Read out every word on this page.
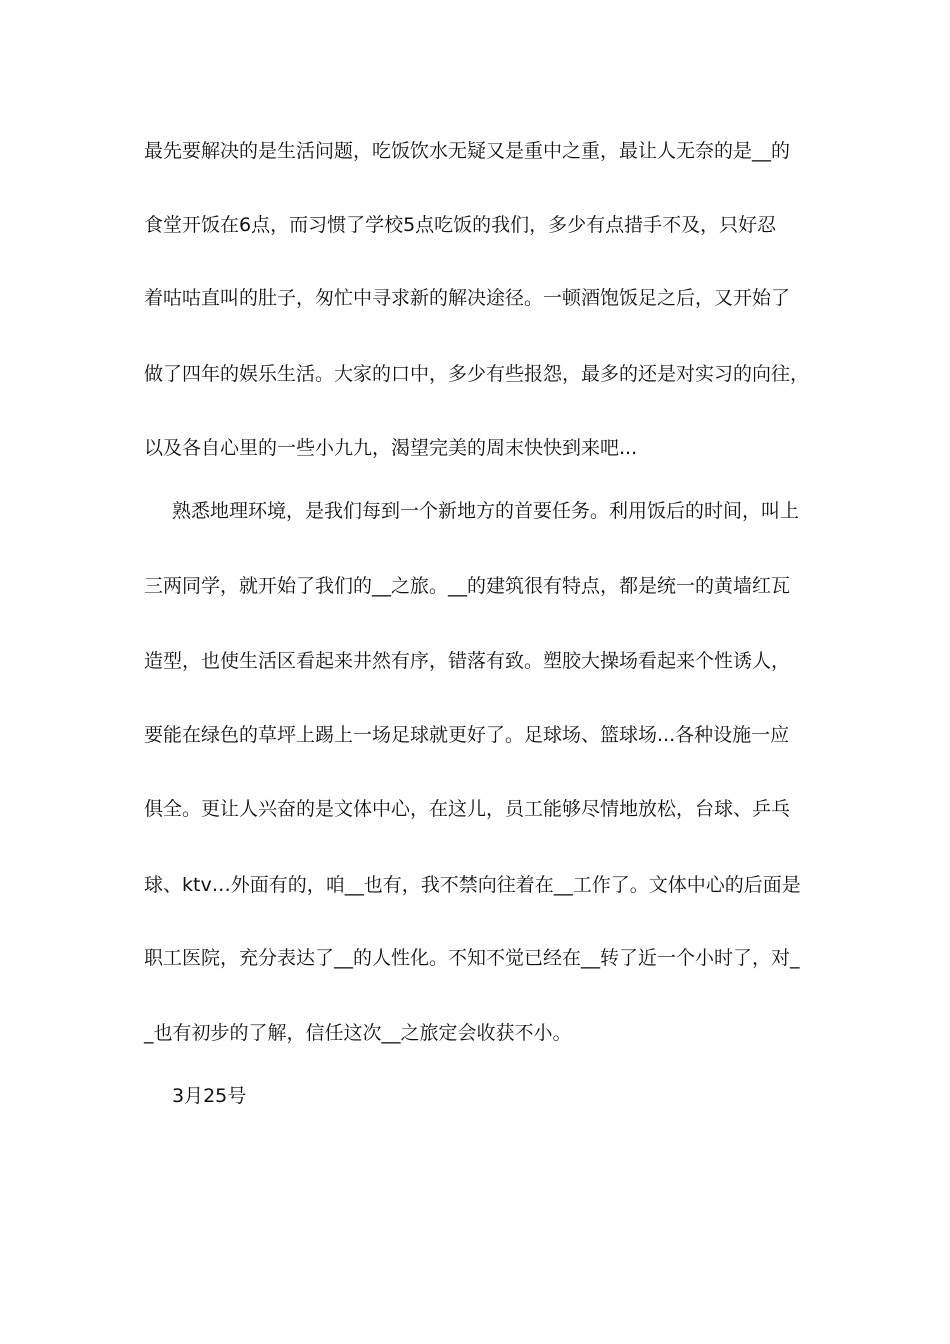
最先要解决的是生活问题，吃饭饮水无疑又是重中之重，最让人无奈的是__的
食堂开饭在6点，而习惯了学校5点吃饭的我们，多少有点措手不及，只好忍
着咕咕直叫的肚子，匆忙中寻求新的解决途径。一顿酒饱饭足之后，又开始了
做了四年的娱乐生活。大家的口中，多少有些报怨，最多的还是对实习的向往，
以及各自心里的一些小九九，渴望完美的周末快快到来吧...
熟悉地理环境，是我们每到一个新地方的首要任务。利用饭后的时间，叫上
三两同学，就开始了我们的__之旅。__的建筑很有特点，都是统一的黄墙红瓦
造型，也使生活区看起来井然有序，错落有致。塑胶大操场看起来个性诱人，
要能在绿色的草坪上踢上一场足球就更好了。足球场、篮球场...各种设施一应
俱全。更让人兴奋的是文体中心，在这儿，员工能够尽情地放松，台球、乒乓
球、ktv…外面有的，咱__也有，我不禁向往着在__工作了。文体中心的后面是
职工医院，充分表达了__的人性化。不知不觉已经在__转了近一个小时了，对_
_也有初步的了解，信任这次__之旅定会收获不小。
3月25号
